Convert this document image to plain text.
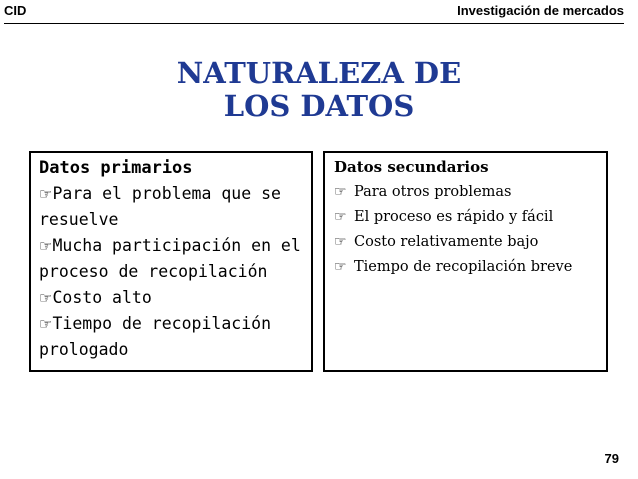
CID	Investigación de mercados
NATURALEZA DE
LOS DATOS
Datos primarios
☞Para el problema que se resuelve
☞Mucha participación en el proceso de recopilación
☞Costo alto
☞Tiempo de recopilación prologado
Datos secundarios
☞ Para otros problemas
☞ El proceso es rápido y fácil
☞ Costo relativamente bajo
☞ Tiempo de recopilación breve
79
